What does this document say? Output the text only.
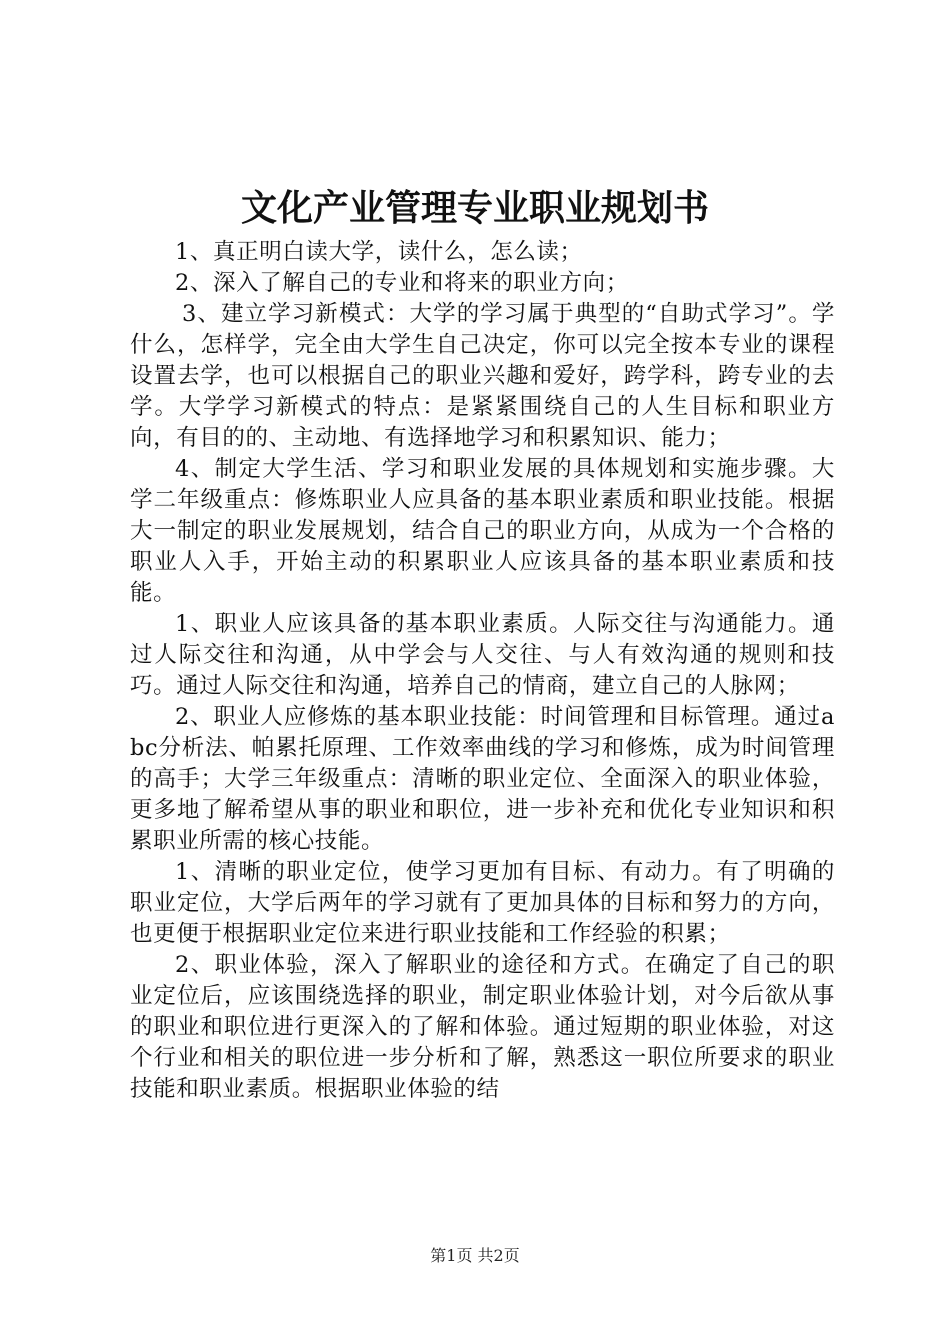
文化产业管理专业职业规划书

1、真正明白读大学，读什么，怎么读；

2、深入了解自己的专业和将来的职业方向；

3、建立学习新模式：大学的学习属于典型的“自助式学习”。学什么，怎样学，完全由大学生自己决定，你可以完全按本专业的课程设置去学，也可以根据自己的职业兴趣和爱好，跨学科，跨专业的去学。大学学习新模式的特点：是紧紧围绕自己的人生目标和职业方向，有目的的、主动地、有选择地学习和积累知识、能力；

4、制定大学生活、学习和职业发展的具体规划和实施步骤。大学二年级重点：修炼职业人应具备的基本职业素质和职业技能。根据大一制定的职业发展规划，结合自己的职业方向，从成为一个合格的职业人入手，开始主动的积累职业人应该具备的基本职业素质和技能。

1、职业人应该具备的基本职业素质。人际交往与沟通能力。通过人际交往和沟通，从中学会与人交往、与人有效沟通的规则和技巧。通过人际交往和沟通，培养自己的情商，建立自己的人脉网；

2、职业人应修炼的基本职业技能：时间管理和目标管理。通过abc分析法、帕累托原理、工作效率曲线的学习和修炼，成为时间管理的高手；大学三年级重点：清晰的职业定位、全面深入的职业体验，更多地了解希望从事的职业和职位，进一步补充和优化专业知识和积累职业所需的核心技能。

1、清晰的职业定位，使学习更加有目标、有动力。有了明确的职业定位，大学后两年的学习就有了更加具体的目标和努力的方向，也更便于根据职业定位来进行职业技能和工作经验的积累；

2、职业体验，深入了解职业的途径和方式。在确定了自己的职业定位后，应该围绕选择的职业，制定职业体验计划，对今后欲从事的职业和职位进行更深入的了解和体验。通过短期的职业体验，对这个行业和相关的职位进一步分析和了解，熟悉这一职位所要求的职业技能和职业素质。根据职业体验的结

第1页 共2页
